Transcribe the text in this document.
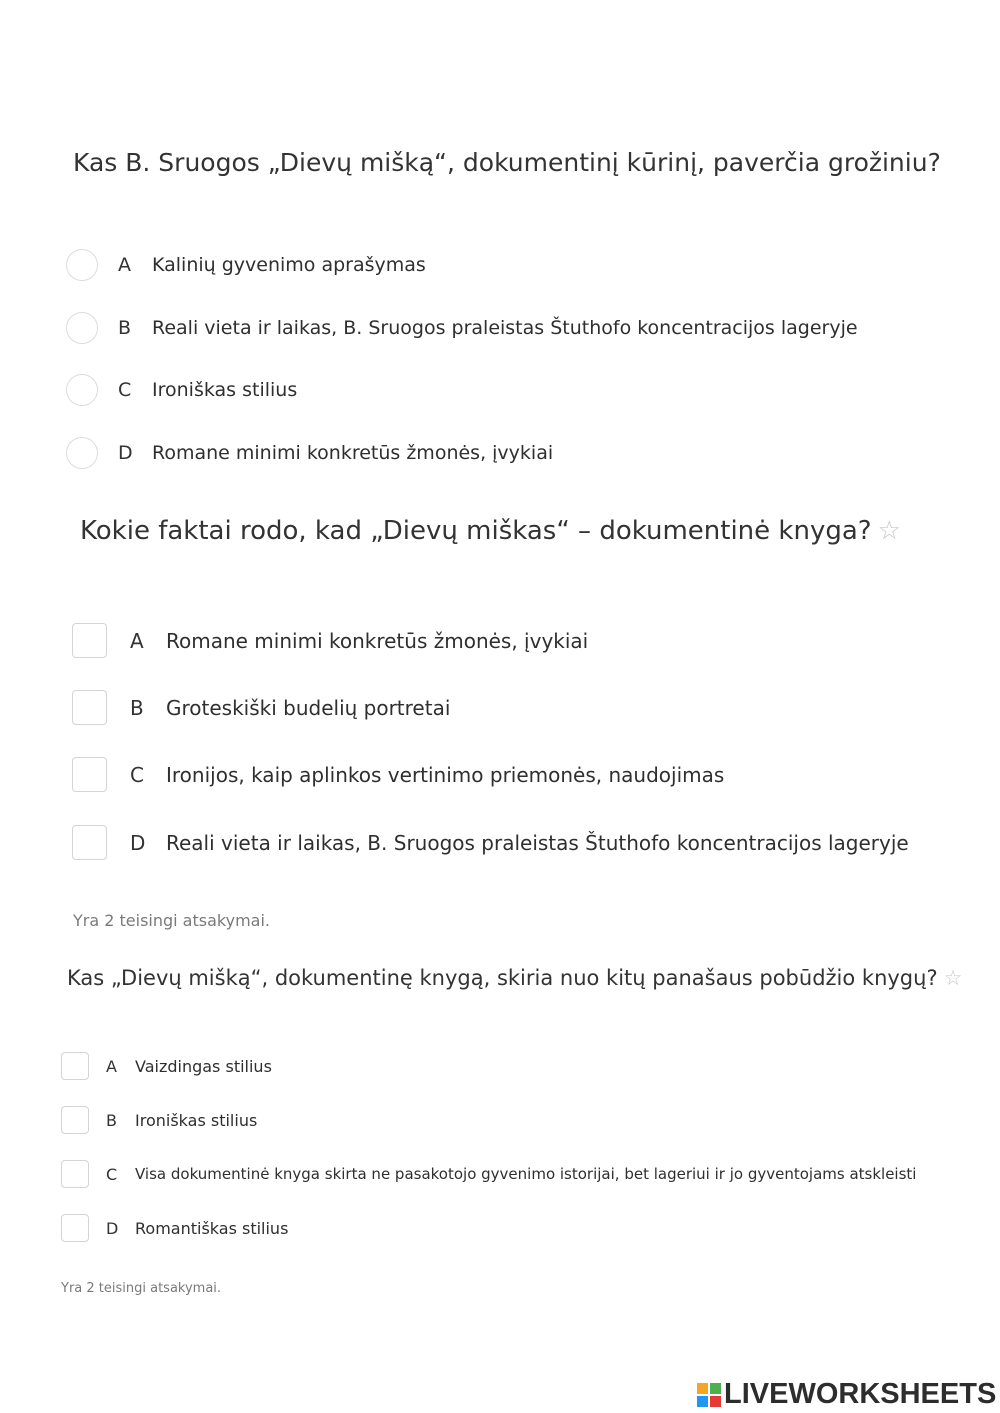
Kas B. Sruogos „Dievų mišką“, dokumentinį kūrinį, paverčia grožiniu?
A	Kalinių gyvenimo aprašymas
B	Reali vieta ir laikas, B. Sruogos praleistas Štuthofo koncentracijos lageryje
C	Ironiškas stilius
D	Romane minimi konkretūs žmonės, įvykiai
Kokie faktai rodo, kad „Dievų miškas“ – dokumentinė knyga? ☆
A	Romane minimi konkretūs žmonės, įvykiai
B	Groteskiški budelių portretai
C	Ironijos, kaip aplinkos vertinimo priemonės, naudojimas
D	Reali vieta ir laikas, B. Sruogos praleistas Štuthofo koncentracijos lageryje
Yra 2 teisingi atsakymai.
Kas „Dievų mišką“, dokumentinę knygą, skiria nuo kitų panašaus pobūdžio knygų? ☆
A	Vaizdingas stilius
B	Ironiškas stilius
C	Visa dokumentinė knyga skirta ne pasakotojo gyvenimo istorijai, bet lageriui ir jo gyventojams atskleisti
D	Romantiškas stilius
Yra 2 teisingi atsakymai.
LIVEWORKSHEETS
